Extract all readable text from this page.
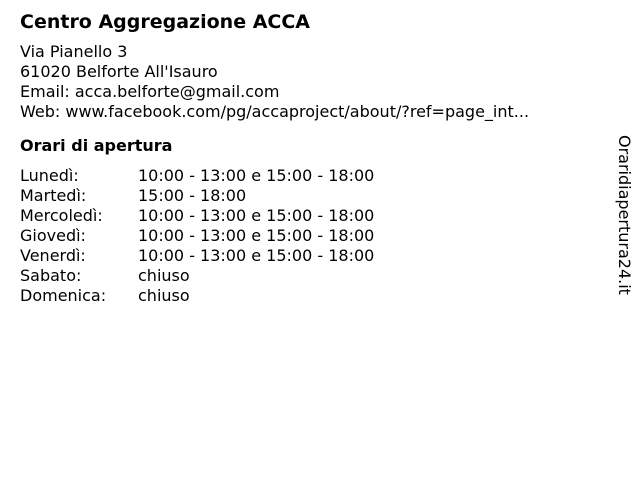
Centro Aggregazione ACCA
Via Pianello 3
61020 Belforte All'Isauro
Email: acca.belforte@gmail.com
Web: www.facebook.com/pg/accaproject/about/?ref=page_int...
Orari di apertura
Lunedì:	10:00 - 13:00 e 15:00 - 18:00
Martedì:	15:00 - 18:00
Mercoledì:	10:00 - 13:00 e 15:00 - 18:00
Giovedì:	10:00 - 13:00 e 15:00 - 18:00
Venerdì:	10:00 - 13:00 e 15:00 - 18:00
Sabato:	chiuso
Domenica:	chiuso
Oraridiapertura24.it
